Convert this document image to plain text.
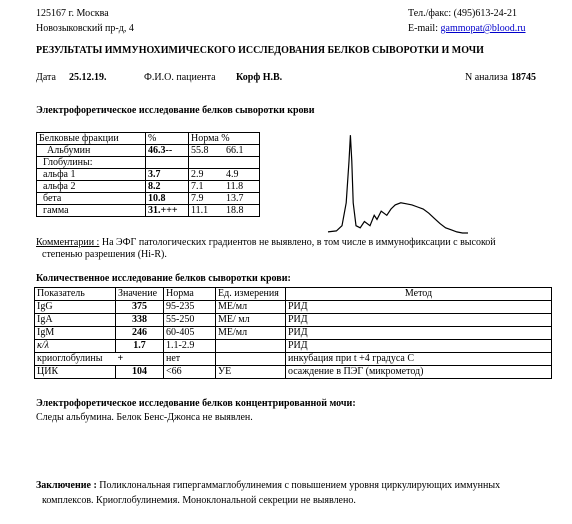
125167 г. Москва
Новозыковский пр-д, 4
Тел./факс: (495)613-24-21
E-mail: gammopat@blood.ru
РЕЗУЛЬТАТЫ ИММУНОХИМИЧЕСКОГО ИССЛЕДОВАНИЯ БЕЛКОВ СЫВОРОТКИ И МОЧИ
Дата 25.12.19.	Ф.И.О. пациента Корф Н.В.	N анализа 18745
Электрофоретическое исследование белков сыворотки крови
Белковые фракции	%	Норма %	
Альбумин	46.3--	55.8	66.1
Глобулины:			
альфа 1	3.7	2.9	4.9
альфа 2	8.2	7.1	11.8
бета	10.8	7.9	13.7
гамма	31.+++	11.1	18.8
Комментарии : На ЭФГ патологических градиентов не выявлено, в том числе в иммунофиксации с высокой
степенью разрешения (Hi-R).
Количественное исследование белков сыворотки крови:
Показатель	Значение	Норма	Ед. измерения	Метод
IgG	375	95-235	МЕ/мл	РИД
IgA	338	55-250	МЕ/ мл	РИД
IgM	246	60-405	МЕ/мл	РИД
κ/λ	1.7	1.1-2.9		РИД
криоглобулины	+	нет		инкубация при t +4 градуса С
ЦИК	104	<66	УЕ	осаждение в ПЭГ (микрометод)
Электрофоретическое исследование белков концентрированной мочи:
Следы альбумина. Белок Бенс-Джонса не выявлен.
Заключение : Поликлональная гипергаммаглобулинемия с повышением уровня циркулирующих иммунных
комплексов. Криоглобулинемия. Моноклональной секреции не выявлено.
